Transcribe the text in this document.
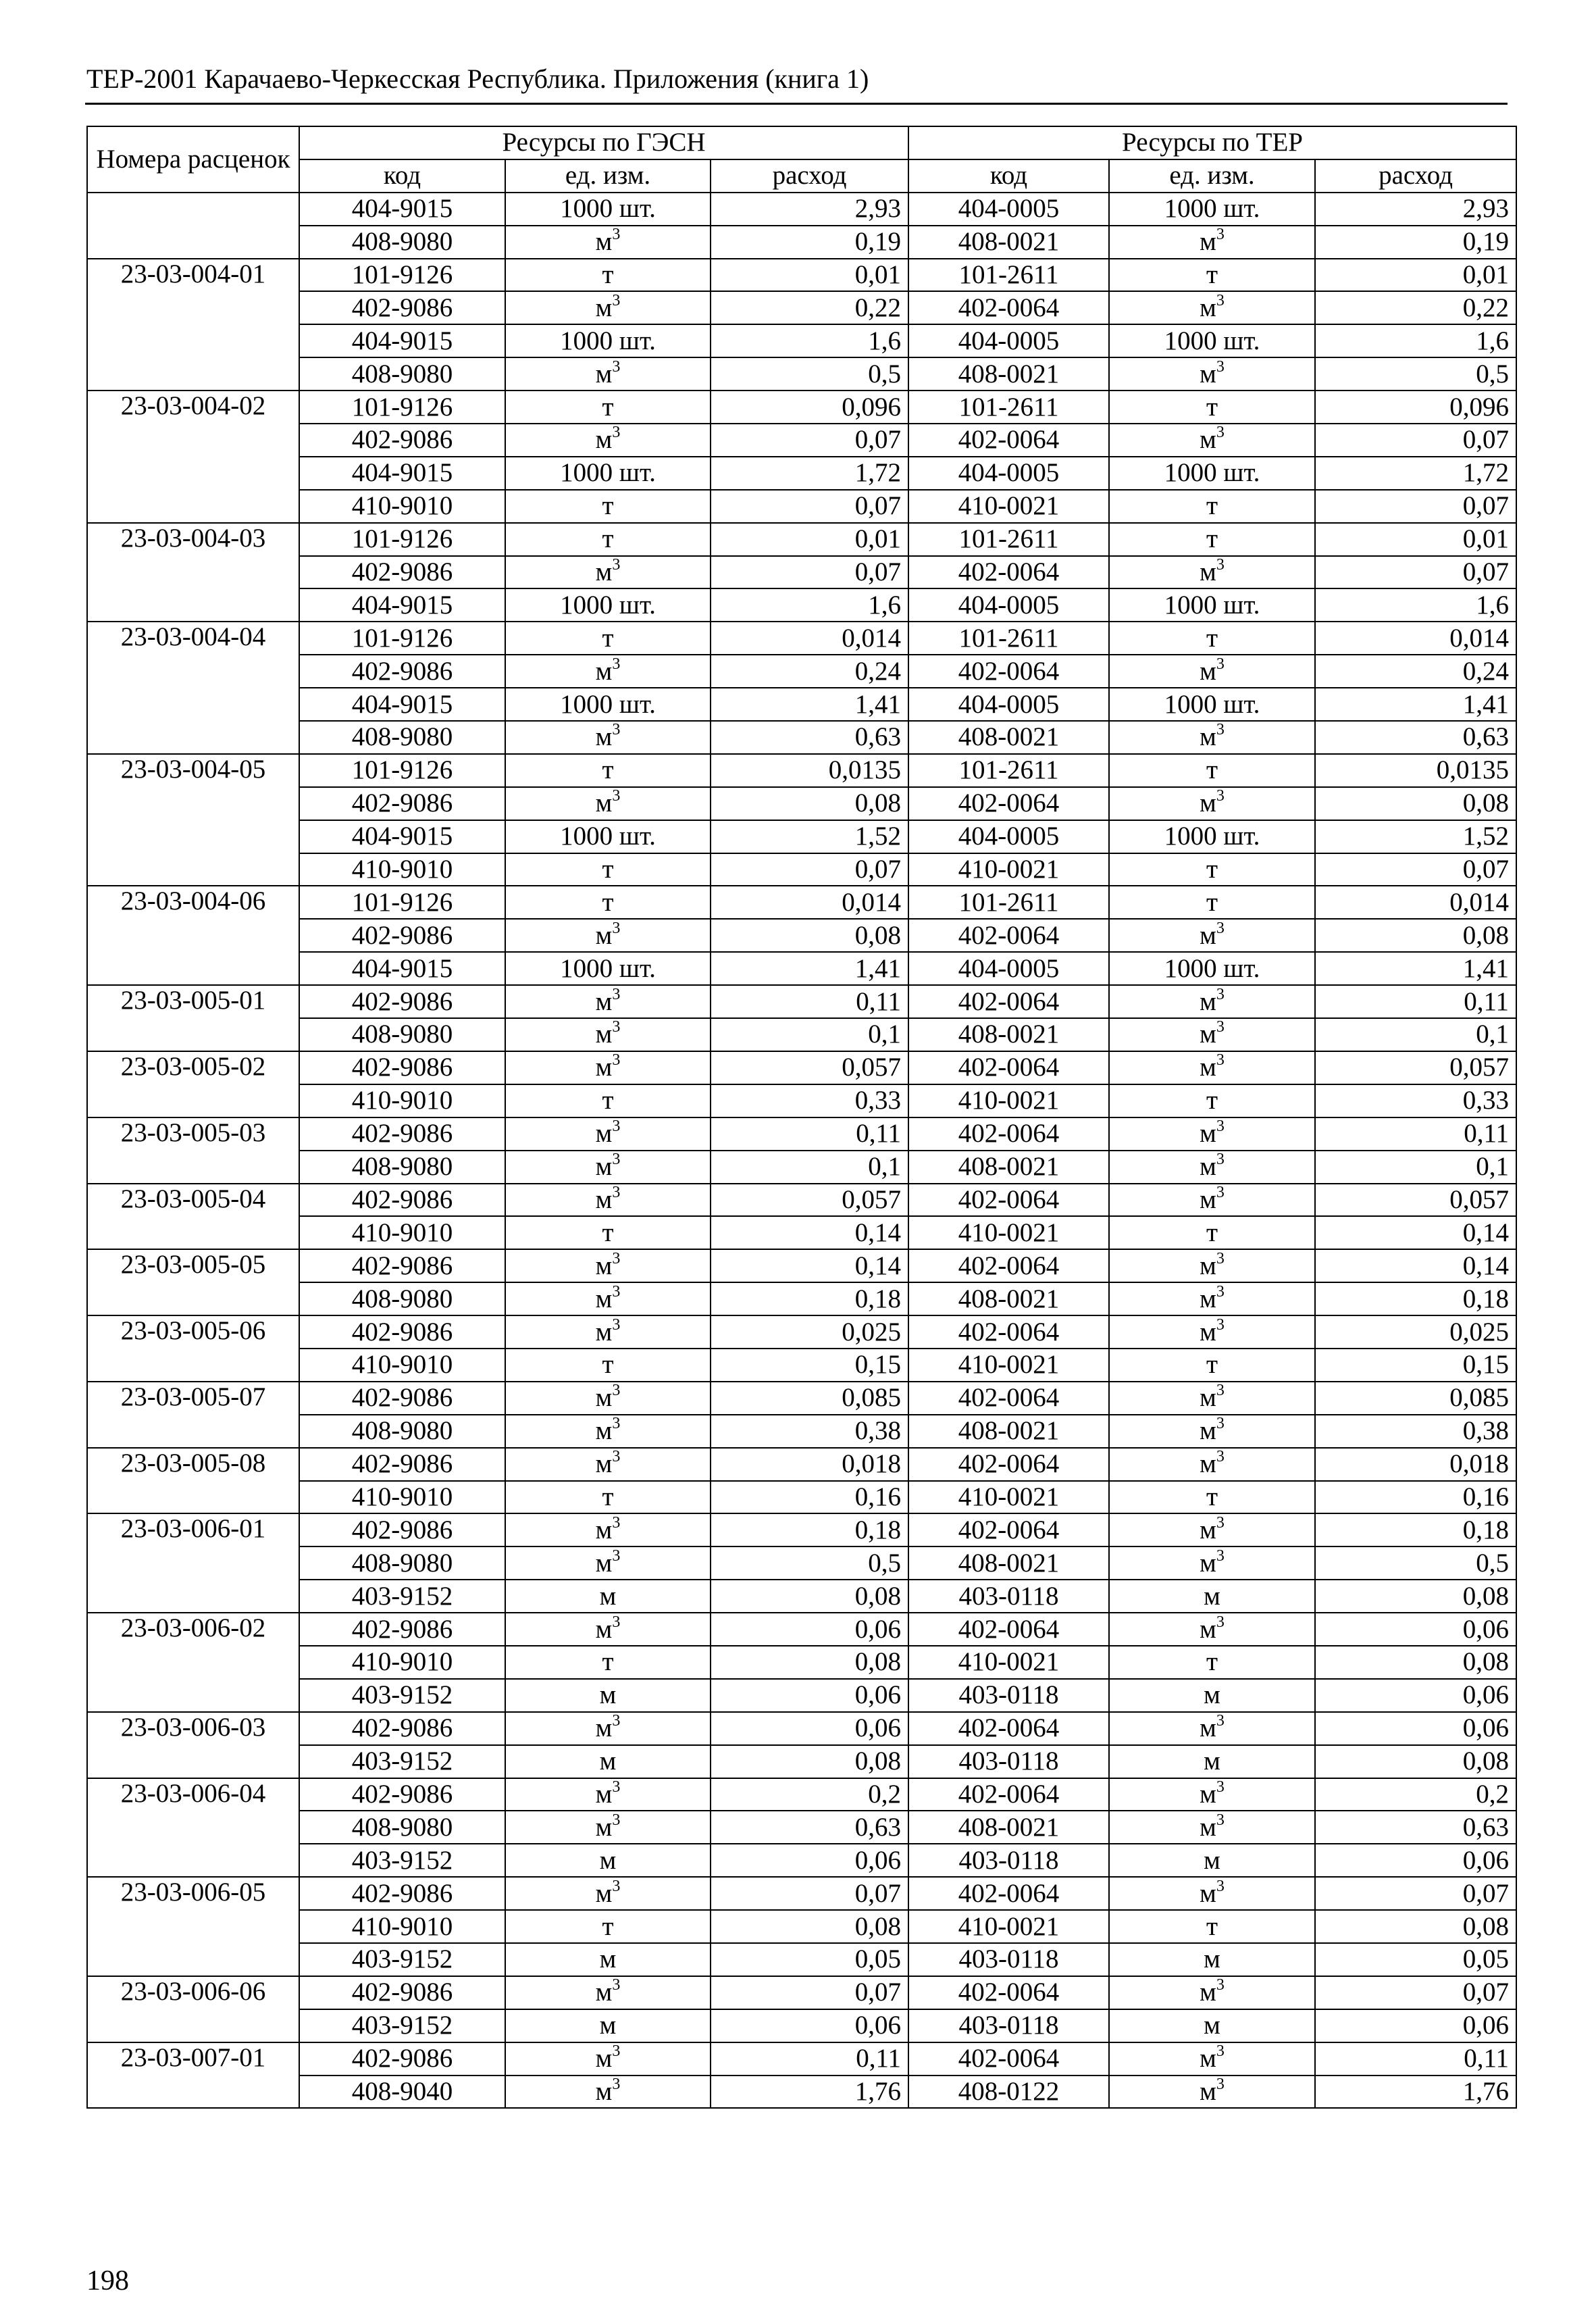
ТЕР-2001 Карачаево-Черкесская Республика. Приложения (книга 1)
Номера расценок	Ресурсы по ГЭСН			Ресурсы по ТЕР		
	код	ед. изм.	расход	код	ед. изм.	расход
	404-9015	1000 шт.	2,93	404-0005	1000 шт.	2,93
	408-9080	$м^3$	0,19	408-0021	$м^3$	0,19
23-03-004-01	101-9126	т	0,01	101-2611	т	0,01
	402-9086	$м^3$	0,22	402-0064	$м^3$	0,22
	404-9015	1000 шт.	1,6	404-0005	1000 шт.	1,6
	408-9080	$м^3$	0,5	408-0021	$м^3$	0,5
23-03-004-02	101-9126	т	0,096	101-2611	т	0,096
	402-9086	$м^3$	0,07	402-0064	$м^3$	0,07
	404-9015	1000 шт.	1,72	404-0005	1000 шт.	1,72
	410-9010	т	0,07	410-0021	т	0,07
23-03-004-03	101-9126	т	0,01	101-2611	т	0,01
	402-9086	$м^3$	0,07	402-0064	$м^3$	0,07
	404-9015	1000 шт.	1,6	404-0005	1000 шт.	1,6
23-03-004-04	101-9126	т	0,014	101-2611	т	0,014
	402-9086	$м^3$	0,24	402-0064	$м^3$	0,24
	404-9015	1000 шт.	1,41	404-0005	1000 шт.	1,41
	408-9080	$м^3$	0,63	408-0021	$м^3$	0,63
23-03-004-05	101-9126	т	0,0135	101-2611	т	0,0135
	402-9086	$м^3$	0,08	402-0064	$м^3$	0,08
	404-9015	1000 шт.	1,52	404-0005	1000 шт.	1,52
	410-9010	т	0,07	410-0021	т	0,07
23-03-004-06	101-9126	т	0,014	101-2611	т	0,014
	402-9086	$м^3$	0,08	402-0064	$м^3$	0,08
	404-9015	1000 шт.	1,41	404-0005	1000 шт.	1,41
23-03-005-01	402-9086	$м^3$	0,11	402-0064	$м^3$	0,11
	408-9080	$м^3$	0,1	408-0021	$м^3$	0,1
23-03-005-02	402-9086	$м^3$	0,057	402-0064	$м^3$	0,057
	410-9010	т	0,33	410-0021	т	0,33
23-03-005-03	402-9086	$м^3$	0,11	402-0064	$м^3$	0,11
	408-9080	$м^3$	0,1	408-0021	$м^3$	0,1
23-03-005-04	402-9086	$м^3$	0,057	402-0064	$м^3$	0,057
	410-9010	т	0,14	410-0021	т	0,14
23-03-005-05	402-9086	$м^3$	0,14	402-0064	$м^3$	0,14
	408-9080	$м^3$	0,18	408-0021	$м^3$	0,18
23-03-005-06	402-9086	$м^3$	0,025	402-0064	$м^3$	0,025
	410-9010	т	0,15	410-0021	т	0,15
23-03-005-07	402-9086	$м^3$	0,085	402-0064	$м^3$	0,085
	408-9080	$м^3$	0,38	408-0021	$м^3$	0,38
23-03-005-08	402-9086	$м^3$	0,018	402-0064	$м^3$	0,018
	410-9010	т	0,16	410-0021	т	0,16
23-03-006-01	402-9086	$м^3$	0,18	402-0064	$м^3$	0,18
	408-9080	$м^3$	0,5	408-0021	$м^3$	0,5
	403-9152	м	0,08	403-0118	м	0,08
23-03-006-02	402-9086	$м^3$	0,06	402-0064	$м^3$	0,06
	410-9010	т	0,08	410-0021	т	0,08
	403-9152	м	0,06	403-0118	м	0,06
23-03-006-03	402-9086	$м^3$	0,06	402-0064	$м^3$	0,06
	403-9152	м	0,08	403-0118	м	0,08
23-03-006-04	402-9086	$м^3$	0,2	402-0064	$м^3$	0,2
	408-9080	$м^3$	0,63	408-0021	$м^3$	0,63
	403-9152	м	0,06	403-0118	м	0,06
23-03-006-05	402-9086	$м^3$	0,07	402-0064	$м^3$	0,07
	410-9010	т	0,08	410-0021	т	0,08
	403-9152	м	0,05	403-0118	м	0,05
23-03-006-06	402-9086	$м^3$	0,07	402-0064	$м^3$	0,07
	403-9152	м	0,06	403-0118	м	0,06
23-03-007-01	402-9086	$м^3$	0,11	402-0064	$м^3$	0,11
	408-9040	$м^3$	1,76	408-0122	$м^3$	1,76
198
